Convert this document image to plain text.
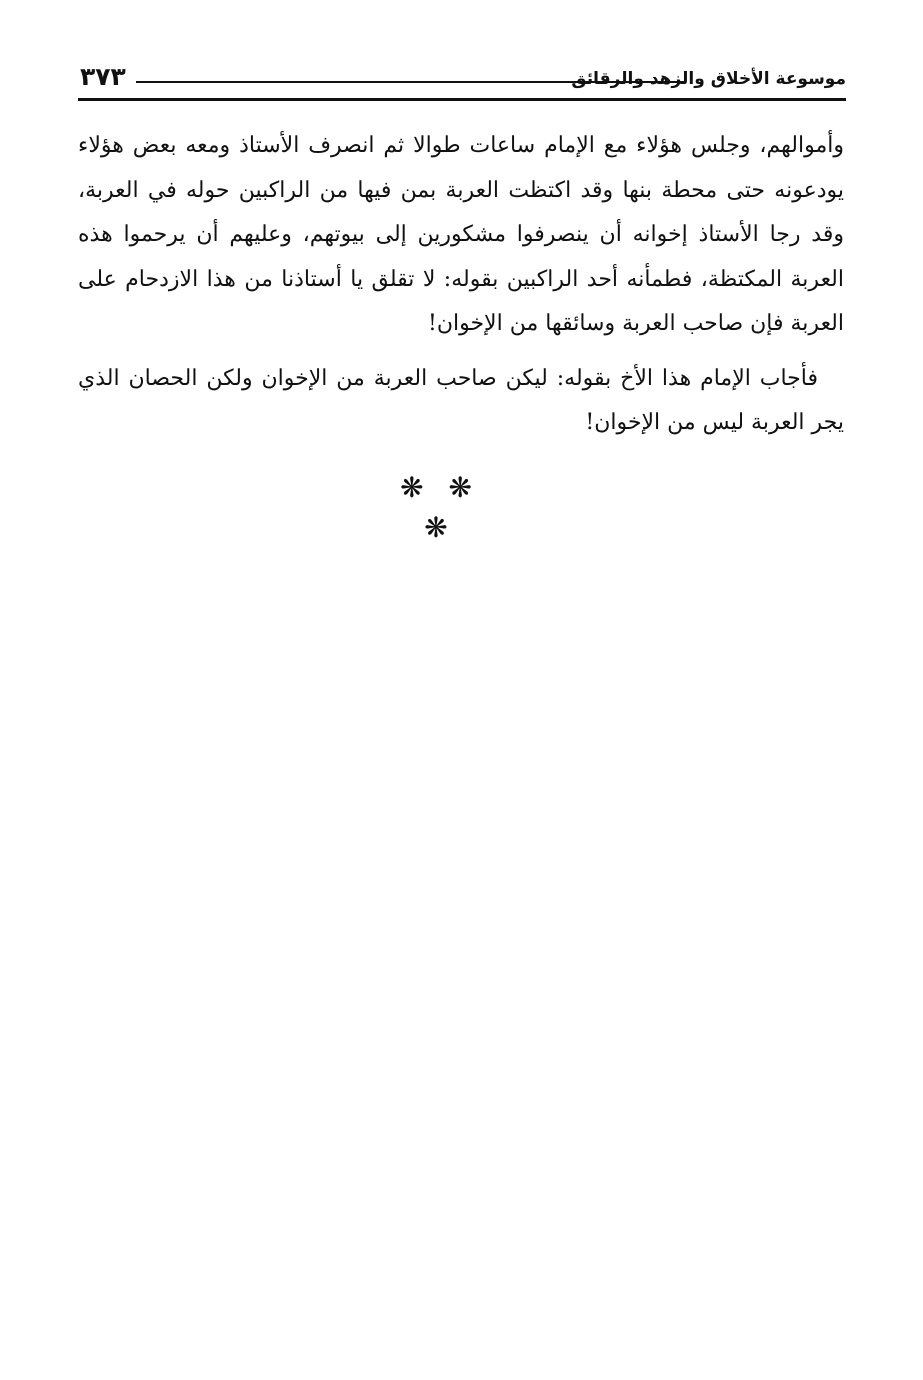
٣٧٣	موسوعة الأخلاق والزهد والرقائق

وأموالهم، وجلس هؤلاء مع الإمام ساعات طوالا ثم انصرف الأستاذ ومعه بعض هؤلاء يودعونه حتى محطة بنها وقد اكتظت العربة بمن فيها من الراكبين حوله في العربة، وقد رجا الأستاذ إخوانه أن ينصرفوا مشكورين إلى بيوتهم، وعليهم أن يرحموا هذه العربة المكتظة، فطمأنه أحد الراكبين بقوله: لا تقلق يا أستاذنا من هذا الازدحام على العربة فإن صاحب العربة وسائقها من الإخوان!

فأجاب الإمام هذا الأخ بقوله: ليكن صاحب العربة من الإخوان ولكن الحصان الذي يجر العربة ليس من الإخوان!

❋ ❋ ❋
